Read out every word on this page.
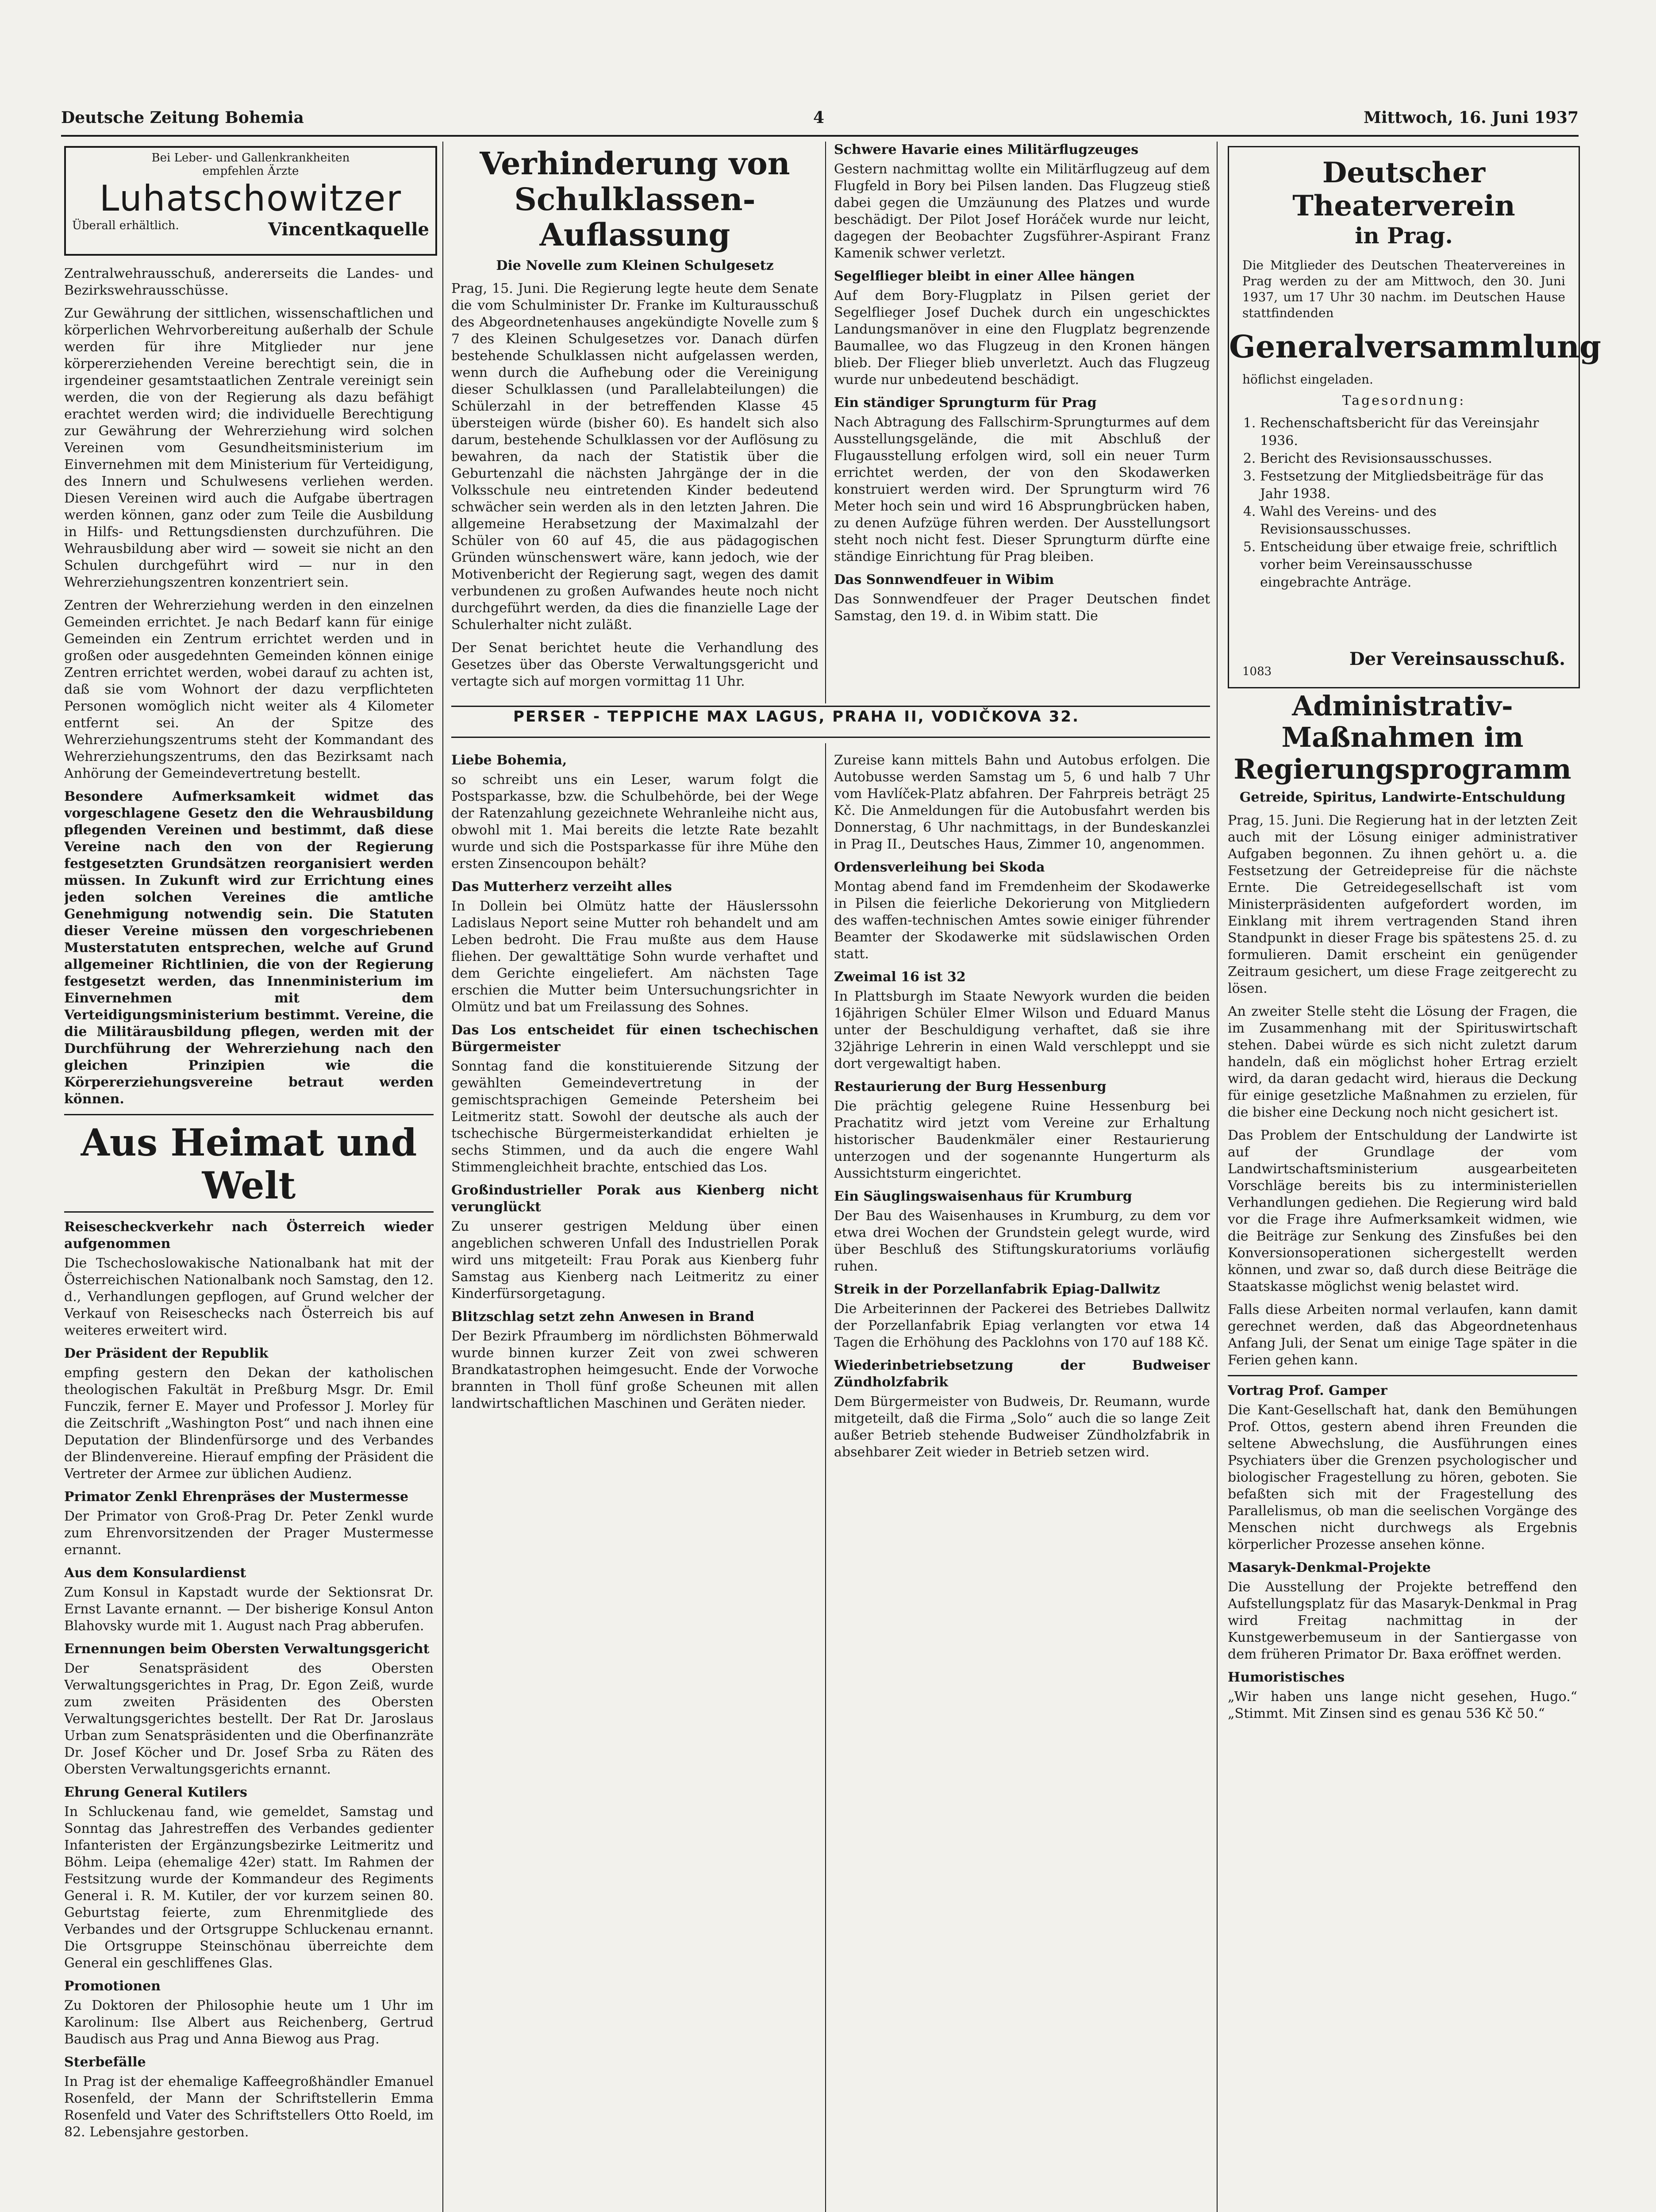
Deutsche Zeitung Bohemia	4	Mittwoch, 16. Juni 1937
Bei Leber- und Gallenkrankheiten
empfehlen Ärzte
Luhatschowitzer
Überall erhältlich.	Vincentkaquelle

Zentralwehrausschuß, andererseits die Landes- und Bezirkswehrausschüsse.

Zur Gewährung der sittlichen, wissenschaftlichen und körperlichen Wehrvorbereitung außerhalb der Schule werden für ihre Mitglieder nur jene körpererziehenden Vereine berechtigt sein, die in irgendeiner gesamtstaatlichen Zentrale vereinigt sein werden, die von der Regierung als dazu befähigt erachtet werden wird; die individuelle Berechtigung zur Gewährung der Wehrerziehung wird solchen Vereinen vom Gesundheitsministerium im Einvernehmen mit dem Ministerium für Verteidigung, des Innern und Schulwesens verliehen werden. Diesen Vereinen wird auch die Aufgabe übertragen werden können, ganz oder zum Teile die Ausbildung in Hilfs- und Rettungsdiensten durchzuführen. Die Wehrausbildung aber wird — soweit sie nicht an den Schulen durchgeführt wird — nur in den Wehrerziehungszentren konzentriert sein.

Zentren der Wehrerziehung werden in den einzelnen Gemeinden errichtet. Je nach Bedarf kann für einige Gemeinden ein Zentrum errichtet werden und in großen oder ausgedehnten Gemeinden können einige Zentren errichtet werden, wobei darauf zu achten ist, daß sie vom Wohnort der dazu verpflichteten Personen womöglich nicht weiter als 4 Kilometer entfernt sei. An der Spitze des Wehrerziehungszentrums steht der Kommandant des Wehrerziehungszentrums, den das Bezirksamt nach Anhörung der Gemeindevertretung bestellt.

Besondere Aufmerksamkeit widmet das vorgeschlagene Gesetz den die Wehrausbildung pflegenden Vereinen und bestimmt, daß diese Vereine nach den von der Regierung festgesetzten Grundsätzen reorganisiert werden müssen. In Zukunft wird zur Errichtung eines jeden solchen Vereines die amtliche Genehmigung notwendig sein. Die Statuten dieser Vereine müssen den vorgeschriebenen Musterstatuten entsprechen, welche auf Grund allgemeiner Richtlinien, die von der Regierung festgesetzt werden, das Innenministerium im Einvernehmen mit dem Verteidigungsministerium bestimmt. Vereine, die die Militärausbildung pflegen, werden mit der Durchführung der Wehrerziehung nach den gleichen Prinzipien wie die Körpererziehungsvereine betraut werden können.

Aus Heimat und Welt

Reisescheckverkehr nach Österreich wieder aufgenommen

Die Tschechoslowakische Nationalbank hat mit der Österreichischen Nationalbank noch Samstag, den 12. d., Verhandlungen gepflogen, auf Grund welcher der Verkauf von Reiseschecks nach Österreich bis auf weiteres erweitert wird.

Der Präsident der Republik

empfing gestern den Dekan der katholischen theologischen Fakultät in Preßburg Msgr. Dr. Emil Funczik, ferner E. Mayer und Professor J. Morley für die Zeitschrift „Washington Post“ und nach ihnen eine Deputation der Blindenfürsorge und des Verbandes der Blindenvereine. Hierauf empfing der Präsident die Vertreter der Armee zur üblichen Audienz.

Primator Zenkl Ehrenpräses der Mustermesse

Der Primator von Groß-Prag Dr. Peter Zenkl wurde zum Ehrenvorsitzenden der Prager Mustermesse ernannt.

Aus dem Konsulardienst

Zum Konsul in Kapstadt wurde der Sektionsrat Dr. Ernst Lavante ernannt. — Der bisherige Konsul Anton Blahovsky wurde mit 1. August nach Prag abberufen.

Ernennungen beim Obersten Verwaltungsgericht

Der Senatspräsident des Obersten Verwaltungsgerichtes in Prag, Dr. Egon Zeiß, wurde zum zweiten Präsidenten des Obersten Verwaltungsgerichtes bestellt. Der Rat Dr. Jaroslaus Urban zum Senatspräsidenten und die Oberfinanzräte Dr. Josef Köcher und Dr. Josef Srba zu Räten des Obersten Verwaltungsgerichts ernannt.

Ehrung General Kutilers

In Schluckenau fand, wie gemeldet, Samstag und Sonntag das Jahrestreffen des Verbandes gedienter Infanteristen der Ergänzungsbezirke Leitmeritz und Böhm. Leipa (ehemalige 42er) statt. Im Rahmen der Festsitzung wurde der Kommandeur des Regiments General i. R. M. Kutiler, der vor kurzem seinen 80. Geburtstag feierte, zum Ehrenmitgliede des Verbandes und der Ortsgruppe Schluckenau ernannt. Die Ortsgruppe Steinschönau überreichte dem General ein geschliffenes Glas.

Promotionen

Zu Doktoren der Philosophie heute um 1 Uhr im Karolinum: Ilse Albert aus Reichenberg, Gertrud Baudisch aus Prag und Anna Biewog aus Prag.

Sterbefälle

In Prag ist der ehemalige Kaffeegroßhändler Emanuel Rosenfeld, der Mann der Schriftstellerin Emma Rosenfeld und Vater des Schriftstellers Otto Roeld, im 82. Lebensjahre gestorben.

Verhinderung von Schulklassen-Auflassung

Die Novelle zum Kleinen Schulgesetz

Prag, 15. Juni. Die Regierung legte heute dem Senate die vom Schulminister Dr. Franke im Kulturausschuß des Abgeordnetenhauses angekündigte Novelle zum § 7 des Kleinen Schulgesetzes vor. Danach dürfen bestehende Schulklassen nicht aufgelassen werden, wenn durch die Aufhebung oder die Vereinigung dieser Schulklassen (und Parallelabteilungen) die Schülerzahl in der betreffenden Klasse 45 übersteigen würde (bisher 60). Es handelt sich also darum, bestehende Schulklassen vor der Auflösung zu bewahren, da nach der Statistik über die Geburtenzahl die nächsten Jahrgänge der in die Volksschule neu eintretenden Kinder bedeutend schwächer sein werden als in den letzten Jahren. Die allgemeine Herabsetzung der Maximalzahl der Schüler von 60 auf 45, die aus pädagogischen Gründen wünschenswert wäre, kann jedoch, wie der Motivenbericht der Regierung sagt, wegen des damit verbundenen zu großen Aufwandes heute noch nicht durchgeführt werden, da dies die finanzielle Lage der Schulerhalter nicht zuläßt.

Der Senat berichtet heute die Verhandlung des Gesetzes über das Oberste Verwaltungsgericht und vertagte sich auf morgen vormittag 11 Uhr.

Schwere Havarie eines Militärflugzeuges

Gestern nachmittag wollte ein Militärflugzeug auf dem Flugfeld in Bory bei Pilsen landen. Das Flugzeug stieß dabei gegen die Umzäunung des Platzes und wurde beschädigt. Der Pilot Josef Horáček wurde nur leicht, dagegen der Beobachter Zugsführer-Aspirant Franz Kamenik schwer verletzt.

Segelflieger bleibt in einer Allee hängen

Auf dem Bory-Flugplatz in Pilsen geriet der Segelflieger Josef Duchek durch ein ungeschicktes Landungsmanöver in eine den Flugplatz begrenzende Baumallee, wo das Flugzeug in den Kronen hängen blieb. Der Flieger blieb unverletzt. Auch das Flugzeug wurde nur unbedeutend beschädigt.

Ein ständiger Sprungturm für Prag

Nach Abtragung des Fallschirm-Sprungturmes auf dem Ausstellungsgelände, die mit Abschluß der Flugausstellung erfolgen wird, soll ein neuer Turm errichtet werden, der von den Skodawerken konstruiert werden wird. Der Sprungturm wird 76 Meter hoch sein und wird 16 Absprungbrücken haben, zu denen Aufzüge führen werden. Der Ausstellungsort steht noch nicht fest. Dieser Sprungturm dürfte eine ständige Einrichtung für Prag bleiben.

Das Sonnwendfeuer in Wibim

Das Sonnwendfeuer der Prager Deutschen findet Samstag, den 19. d. in Wibim statt. Die

PERSER - TEPPICHE MAX LAGUS, PRAHA II, VODIČKOVA 32.

Liebe Bohemia,

so schreibt uns ein Leser, warum folgt die Postsparkasse, bzw. die Schulbehörde, bei der Wege der Ratenzahlung gezeichnete Wehranleihe nicht aus, obwohl mit 1. Mai bereits die letzte Rate bezahlt wurde und sich die Postsparkasse für ihre Mühe den ersten Zinsencoupon behält?

Das Mutterherz verzeiht alles

In Dollein bei Olmütz hatte der Häuslerssohn Ladislaus Neport seine Mutter roh behandelt und am Leben bedroht. Die Frau mußte aus dem Hause fliehen. Der gewalttätige Sohn wurde verhaftet und dem Gerichte eingeliefert. Am nächsten Tage erschien die Mutter beim Untersuchungsrichter in Olmütz und bat um Freilassung des Sohnes.

Das Los entscheidet für einen tschechischen Bürgermeister

Sonntag fand die konstituierende Sitzung der gewählten Gemeindevertretung in der gemischtsprachigen Gemeinde Petersheim bei Leitmeritz statt. Sowohl der deutsche als auch der tschechische Bürgermeisterkandidat erhielten je sechs Stimmen, und da auch die engere Wahl Stimmengleichheit brachte, entschied das Los.

Großindustrieller Porak aus Kienberg nicht verunglückt

Zu unserer gestrigen Meldung über einen angeblichen schweren Unfall des Industriellen Porak wird uns mitgeteilt: Frau Porak aus Kienberg fuhr Samstag aus Kienberg nach Leitmeritz zu einer Kinderfürsorgetagung.

Blitzschlag setzt zehn Anwesen in Brand

Der Bezirk Pfraumberg im nördlichsten Böhmerwald wurde binnen kurzer Zeit von zwei schweren Brandkatastrophen heimgesucht. Ende der Vorwoche brannten in Tholl fünf große Scheunen mit allen landwirtschaftlichen Maschinen und Geräten nieder.

Zureise kann mittels Bahn und Autobus erfolgen. Die Autobusse werden Samstag um 5, 6 und halb 7 Uhr vom Havlíček-Platz abfahren. Der Fahrpreis beträgt 25 Kč. Die Anmeldungen für die Autobusfahrt werden bis Donnerstag, 6 Uhr nachmittags, in der Bundeskanzlei in Prag II., Deutsches Haus, Zimmer 10, angenommen.

Ordensverleihung bei Skoda

Montag abend fand im Fremdenheim der Skodawerke in Pilsen die feierliche Dekorierung von Mitgliedern des waffen-technischen Amtes sowie einiger führender Beamter der Skodawerke mit südslawischen Orden statt.

Zweimal 16 ist 32

In Plattsburgh im Staate Newyork wurden die beiden 16jährigen Schüler Elmer Wilson und Eduard Manus unter der Beschuldigung verhaftet, daß sie ihre 32jährige Lehrerin in einen Wald verschleppt und sie dort vergewaltigt haben.

Restaurierung der Burg Hessenburg

Die prächtig gelegene Ruine Hessenburg bei Prachatitz wird jetzt vom Vereine zur Erhaltung historischer Baudenkmäler einer Restaurierung unterzogen und der sogenannte Hungerturm als Aussichtsturm eingerichtet.

Ein Säuglingswaisenhaus für Krumburg

Der Bau des Waisenhauses in Krumburg, zu dem vor etwa drei Wochen der Grundstein gelegt wurde, wird über Beschluß des Stiftungskuratoriums vorläufig ruhen.

Streik in der Porzellanfabrik Epiag-Dallwitz

Die Arbeiterinnen der Packerei des Betriebes Dallwitz der Porzellanfabrik Epiag verlangten vor etwa 14 Tagen die Erhöhung des Packlohns von 170 auf 188 Kč.

Wiederinbetriebsetzung der Budweiser Zündholzfabrik

Dem Bürgermeister von Budweis, Dr. Reumann, wurde mitgeteilt, daß die Firma „Solo“ auch die so lange Zeit außer Betrieb stehende Budweiser Zündholzfabrik in absehbarer Zeit wieder in Betrieb setzen wird.

Deutscher Theaterverein
in Prag.
Die Mitglieder des Deutschen Theatervereines in Prag werden zu der am Mittwoch, den 30. Juni 1937, um 17 Uhr 30 nachm. im Deutschen Hause stattfindenden
Generalversammlung
höflichst eingeladen.
Tagesordnung:
1. Rechenschaftsbericht für das Vereinsjahr 1936.
2. Bericht des Revisionsausschusses.
3. Festsetzung der Mitgliedsbeiträge für das Jahr 1938.
4. Wahl des Vereins- und des Revisionsausschusses.
5. Entscheidung über etwaige freie, schriftlich vorher beim Vereinsausschusse eingebrachte Anträge.
1083
Der Vereinsausschuß.
Administrativ-Maßnahmen im Regierungsprogramm

Getreide, Spiritus, Landwirte-Entschuldung

Prag, 15. Juni. Die Regierung hat in der letzten Zeit auch mit der Lösung einiger administrativer Aufgaben begonnen. Zu ihnen gehört u. a. die Festsetzung der Getreidepreise für die nächste Ernte. Die Getreidegesellschaft ist vom Ministerpräsidenten aufgefordert worden, im Einklang mit ihrem vertragenden Stand ihren Standpunkt in dieser Frage bis spätestens 25. d. zu formulieren. Damit erscheint ein genügender Zeitraum gesichert, um diese Frage zeitgerecht zu lösen.

An zweiter Stelle steht die Lösung der Fragen, die im Zusammenhang mit der Spirituswirtschaft stehen. Dabei würde es sich nicht zuletzt darum handeln, daß ein möglichst hoher Ertrag erzielt wird, da daran gedacht wird, hieraus die Deckung für einige gesetzliche Maßnahmen zu erzielen, für die bisher eine Deckung noch nicht gesichert ist.

Das Problem der Entschuldung der Landwirte ist auf der Grundlage der vom Landwirtschaftsministerium ausgearbeiteten Vorschläge bereits bis zu interministeriellen Verhandlungen gediehen. Die Regierung wird bald vor die Frage ihre Aufmerksamkeit widmen, wie die Beiträge zur Senkung des Zinsfußes bei den Konversionsoperationen sichergestellt werden können, und zwar so, daß durch diese Beiträge die Staatskasse möglichst wenig belastet wird.

Falls diese Arbeiten normal verlaufen, kann damit gerechnet werden, daß das Abgeordnetenhaus Anfang Juli, der Senat um einige Tage später in die Ferien gehen kann.

Vortrag Prof. Gamper

Die Kant-Gesellschaft hat, dank den Bemühungen Prof. Ottos, gestern abend ihren Freunden die seltene Abwechslung, die Ausführungen eines Psychiaters über die Grenzen psychologischer und biologischer Fragestellung zu hören, geboten. Sie befaßten sich mit der Fragestellung des Parallelismus, ob man die seelischen Vorgänge des Menschen nicht durchwegs als Ergebnis körperlicher Prozesse ansehen könne.

Masaryk-Denkmal-Projekte

Die Ausstellung der Projekte betreffend den Aufstellungsplatz für das Masaryk-Denkmal in Prag wird Freitag nachmittag in der Kunstgewerbemuseum in der Santiergasse von dem früheren Primator Dr. Baxa eröffnet werden.

Humoristisches

„Wir haben uns lange nicht gesehen, Hugo.“ „Stimmt. Mit Zinsen sind es genau 536 Kč 50.“
